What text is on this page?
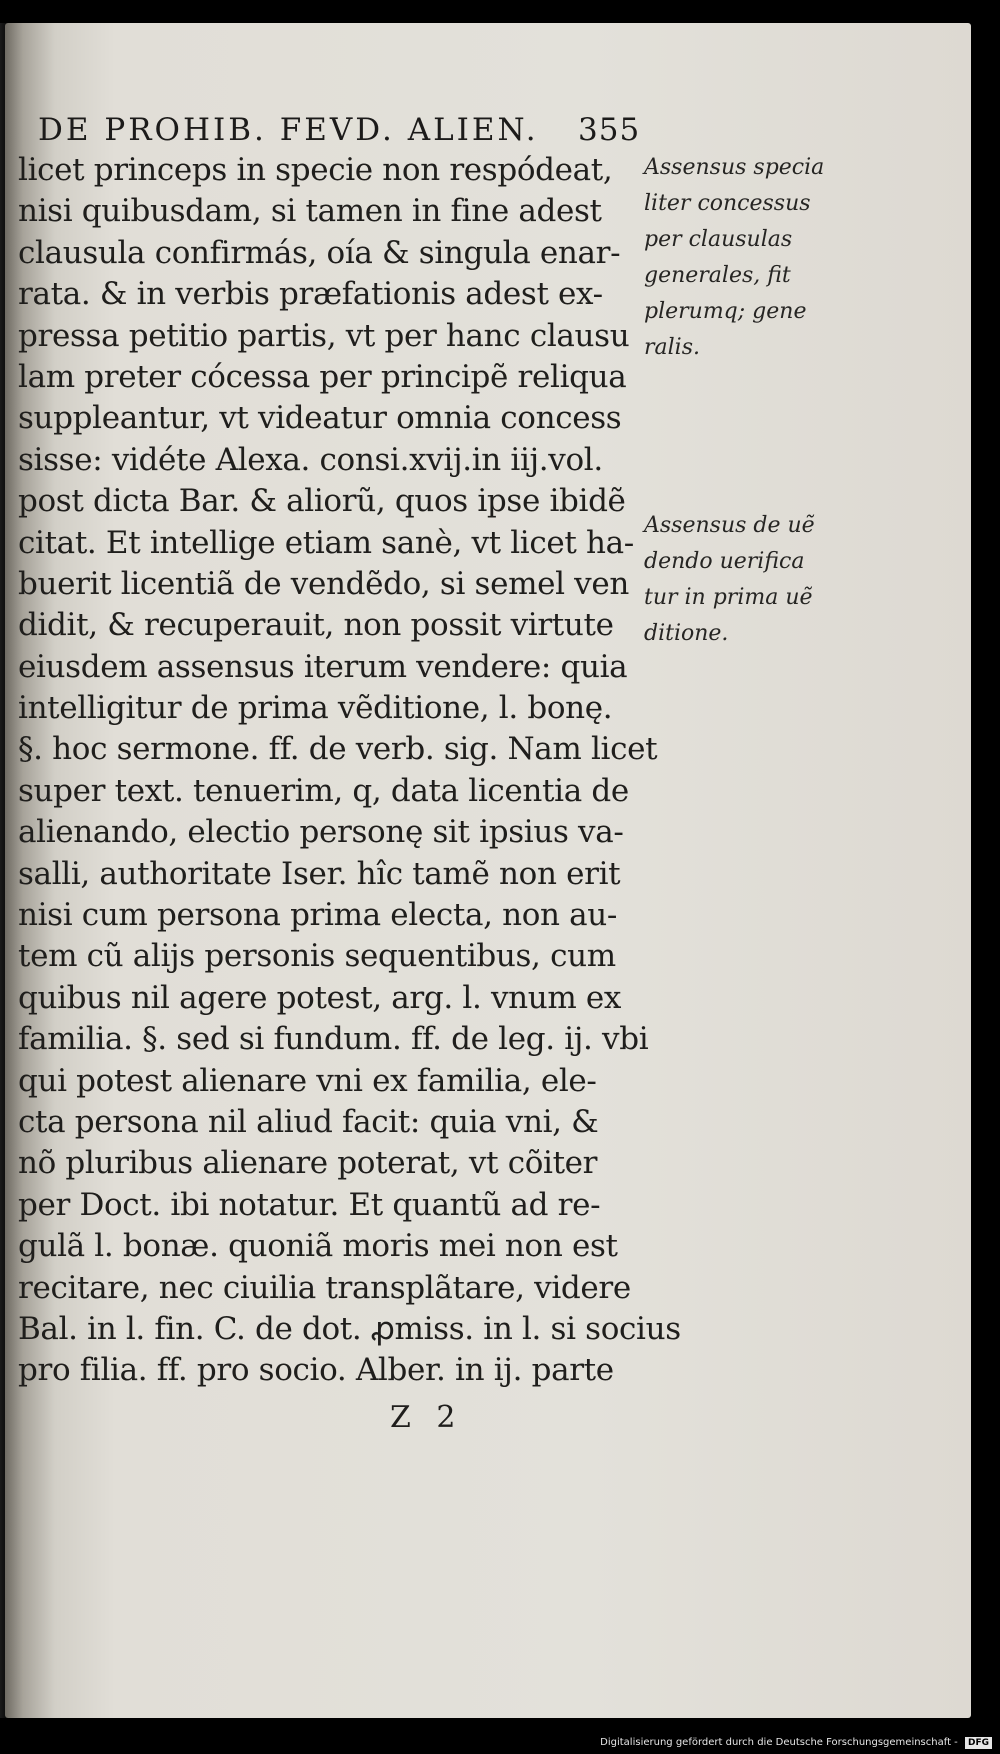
DE PROHIB. FEVD. ALIEN. 355
licet princeps in specie non respódeat,
nisi quibusdam, si tamen in fine adest
clausula confirmás, oía & singula enar-
rata. & in verbis præfationis adest ex-
pressa petitio partis, vt per hanc clausu
lam preter cócessa per principẽ reliqua
suppleantur, vt videatur omnia concess
sisse: vidéte Alexa. consi.xvij.in iij.vol.
post dicta Bar. & aliorũ, quos ipse ibidẽ
citat. Et intellige etiam sanè, vt licet ha-
buerit licentiã de vendẽdo, si semel ven
didit, & recuperauit, non possit virtute
eiusdem assensus iterum vendere: quia
intelligitur de prima vẽditione, l. bonę.
§. hoc sermone. ff. de verb. sig. Nam licet
super text. tenuerim, q, data licentia de
alienando, electio personę sit ipsius va-
salli, authoritate Iser. hîc tamẽ non erit
nisi cum persona prima electa, non au-
tem cũ alijs personis sequentibus, cum
quibus nil agere potest, arg. l. vnum ex
familia. §. sed si fundum. ff. de leg. ij. vbi
qui potest alienare vni ex familia, ele-
cta persona nil aliud facit: quia vni, &
nõ pluribus alienare poterat, vt cõiter
per Doct. ibi notatur. Et quantũ ad re-
gulã l. bonæ. quoniã moris mei non est
recitare, nec ciuilia transplãtare, videre
Bal. in l. fin. C. de dot. ꝓmiss. in l. si socius
pro filia. ff. pro socio. Alber. in ij. parte
Assensus specia
liter concessus
per clausulas
generales, fit
plerumq; gene
ralis.
Assensus de uẽ
dendo uerifica
tur in prima uẽ
ditione.
Z 2
Digitalisierung gefördert durch die Deutsche Forschungsgemeinschaft - DFG
